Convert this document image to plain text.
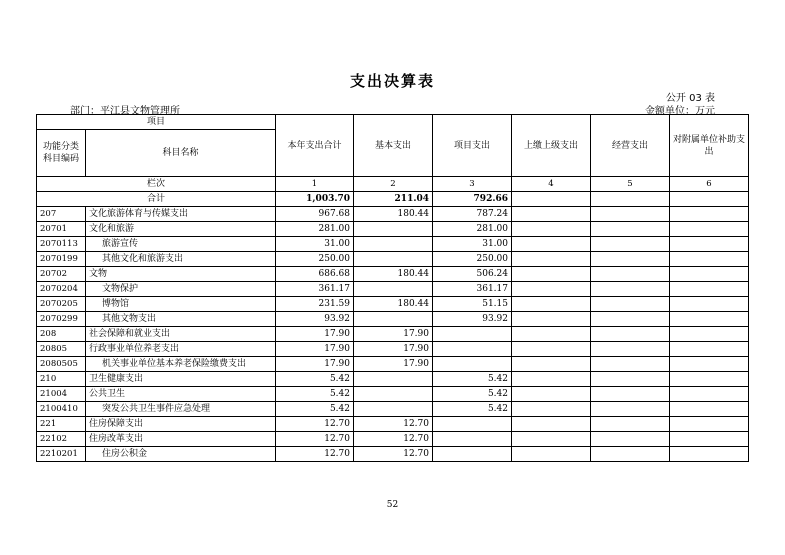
支出决算表
公开 03 表
部门：平江县文物管理所	金额单位：万元
项目		本年支出合计	基本支出	项目支出	上缴上级支出	经营支出	对附属单位补助支出
功能分类科目编码	科目名称						
栏次		1	2	3	4	5	6
合计		1,003.70	211.04	792.66			
207	文化旅游体育与传媒支出	967.68	180.44	787.24			
20701	文化和旅游	281.00		281.00			
2070113	旅游宣传	31.00		31.00			
2070199	其他文化和旅游支出	250.00		250.00			
20702	文物	686.68	180.44	506.24			
2070204	文物保护	361.17		361.17			
2070205	博物馆	231.59	180.44	51.15			
2070299	其他文物支出	93.92		93.92			
208	社会保障和就业支出	17.90	17.90				
20805	行政事业单位养老支出	17.90	17.90				
2080505	机关事业单位基本养老保险缴费支出	17.90	17.90				
210	卫生健康支出	5.42		5.42			
21004	公共卫生	5.42		5.42			
2100410	突发公共卫生事件应急处理	5.42		5.42			
221	住房保障支出	12.70	12.70				
22102	住房改革支出	12.70	12.70				
2210201	住房公积金	12.70	12.70				
52
